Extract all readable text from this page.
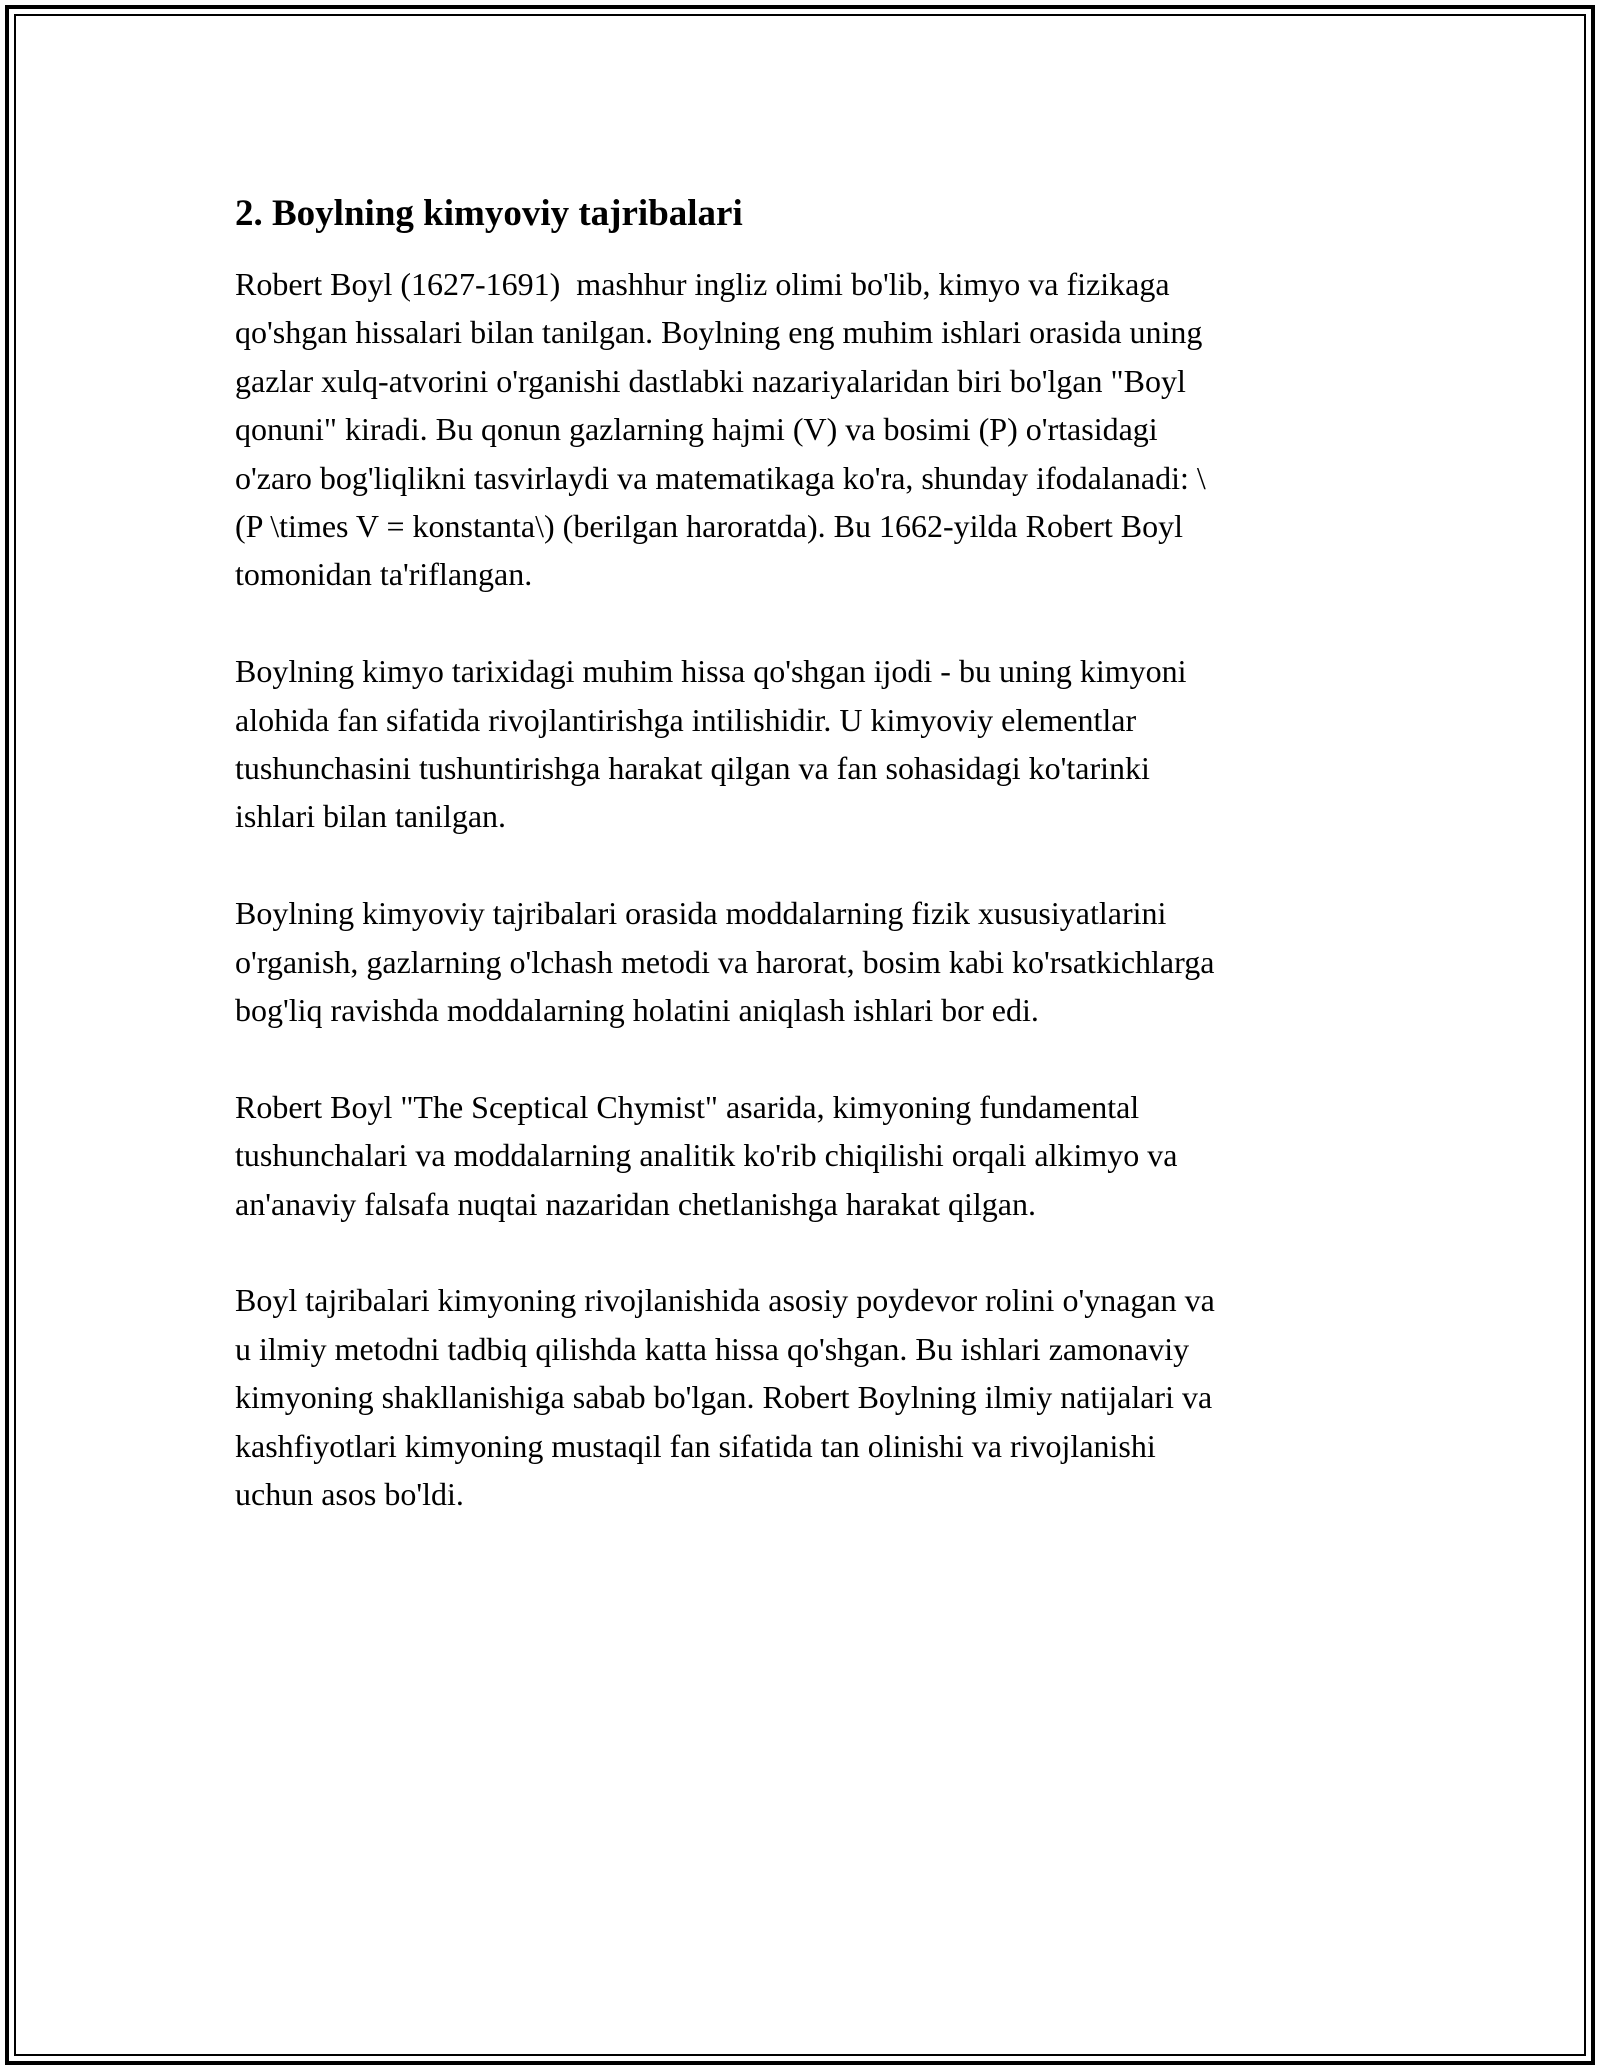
2. Boylning kimyoviy tajribalari

Robert Boyl (1627-1691)  mashhur ingliz olimi bo'lib, kimyo va fizikaga
qo'shgan hissalari bilan tanilgan. Boylning eng muhim ishlari orasida uning
gazlar xulq-atvorini o'rganishi dastlabki nazariyalaridan biri bo'lgan "Boyl
qonuni" kiradi. Bu qonun gazlarning hajmi (V) va bosimi (P) o'rtasidagi
o'zaro bog'liqlikni tasvirlaydi va matematikaga ko'ra, shunday ifodalanadi: \
(P \times V = konstanta\) (berilgan haroratda). Bu 1662-yilda Robert Boyl
tomonidan ta'riflangan.

Boylning kimyo tarixidagi muhim hissa qo'shgan ijodi - bu uning kimyoni
alohida fan sifatida rivojlantirishga intilishidir. U kimyoviy elementlar
tushunchasini tushuntirishga harakat qilgan va fan sohasidagi ko'tarinki
ishlari bilan tanilgan.

Boylning kimyoviy tajribalari orasida moddalarning fizik xususiyatlarini
o'rganish, gazlarning o'lchash metodi va harorat, bosim kabi ko'rsatkichlarga
bog'liq ravishda moddalarning holatini aniqlash ishlari bor edi.

Robert Boyl "The Sceptical Chymist" asarida, kimyoning fundamental
tushunchalari va moddalarning analitik ko'rib chiqilishi orqali alkimyo va
an'anaviy falsafa nuqtai nazaridan chetlanishga harakat qilgan.

Boyl tajribalari kimyoning rivojlanishida asosiy poydevor rolini o'ynagan va
u ilmiy metodni tadbiq qilishda katta hissa qo'shgan. Bu ishlari zamonaviy
kimyoning shakllanishiga sabab bo'lgan. Robert Boylning ilmiy natijalari va
kashfiyotlari kimyoning mustaqil fan sifatida tan olinishi va rivojlanishi
uchun asos bo'ldi.
